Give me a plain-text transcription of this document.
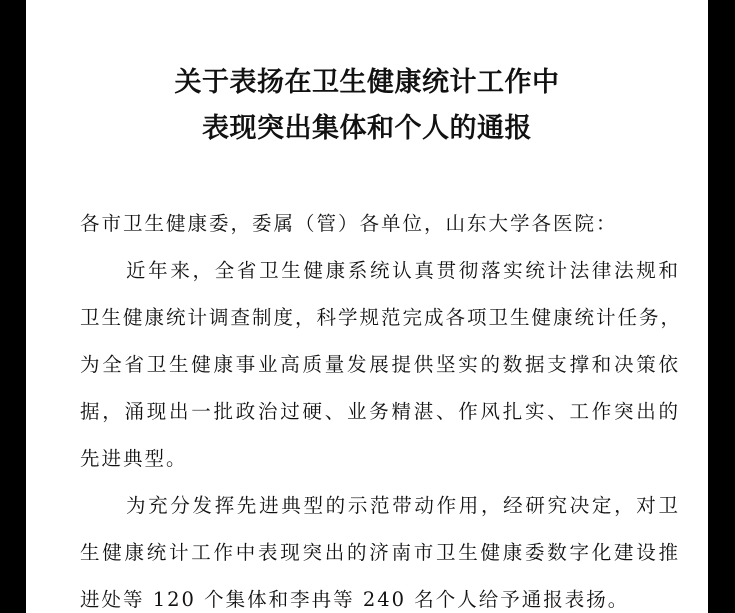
关于表扬在卫生健康统计工作中
表现突出集体和个人的通报
各市卫生健康委，委属（管）各单位，山东大学各医院：
近年来，全省卫生健康系统认真贯彻落实统计法律法规和
卫生健康统计调查制度，科学规范完成各项卫生健康统计任务，
为全省卫生健康事业高质量发展提供坚实的数据支撑和决策依
据，涌现出一批政治过硬、业务精湛、作风扎实、工作突出的
先进典型。
为充分发挥先进典型的示范带动作用，经研究决定，对卫
生健康统计工作中表现突出的济南市卫生健康委数字化建设推
进处等 120 个集体和李冉等 240 名个人给予通报表扬。
